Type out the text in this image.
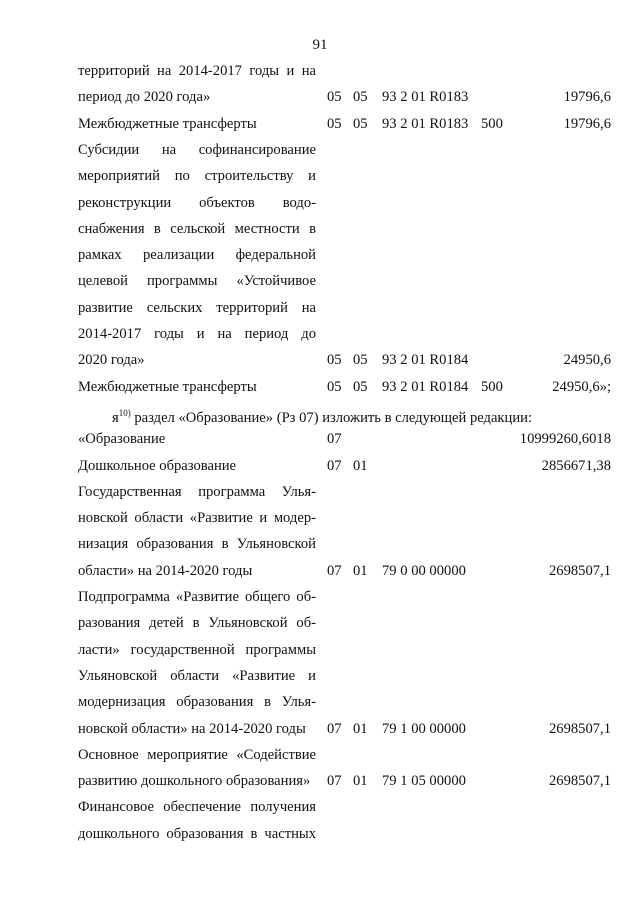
91
территорий на 2014-2017 годы и на
период до 2020 года»	05 05 93 2 01 R0183	19796,6
Межбюджетные трансферты	05 05 93 2 01 R0183 500	19796,6
Субсидии на софинансирование
мероприятий по строительству и
реконструкции объектов водо-
снабжения в сельской местности в
рамках реализации федеральной
целевой программы «Устойчивое
развитие сельских территорий на
2014-2017 годы и на период до
2020 года»	05 05 93 2 01 R0184	24950,6
Межбюджетные трансферты	05 05 93 2 01 R0184 500	24950,6»;
$я^{10)}$ раздел «Образование» (Рз 07) изложить в следующей редакции:
«Образование	07	10999260,6018
Дошкольное образование	07 01	2856671,38
Государственная программа Улья-
новской области «Развитие и модер-
низация образования в Ульяновской
области» на 2014-2020 годы	07 01 79 0 00 00000	2698507,1
Подпрограмма «Развитие общего об-
разования детей в Ульяновской об-
ласти» государственной программы
Ульяновской области «Развитие и
модернизация образования в Улья-
новской области» на 2014-2020 годы 07 01 79 1 00 00000	2698507,1
Основное мероприятие «Содействие
развитию дошкольного образования» 07 01 79 1 05 00000	2698507,1
Финансовое обеспечение получения
дошкольного образования в частных
